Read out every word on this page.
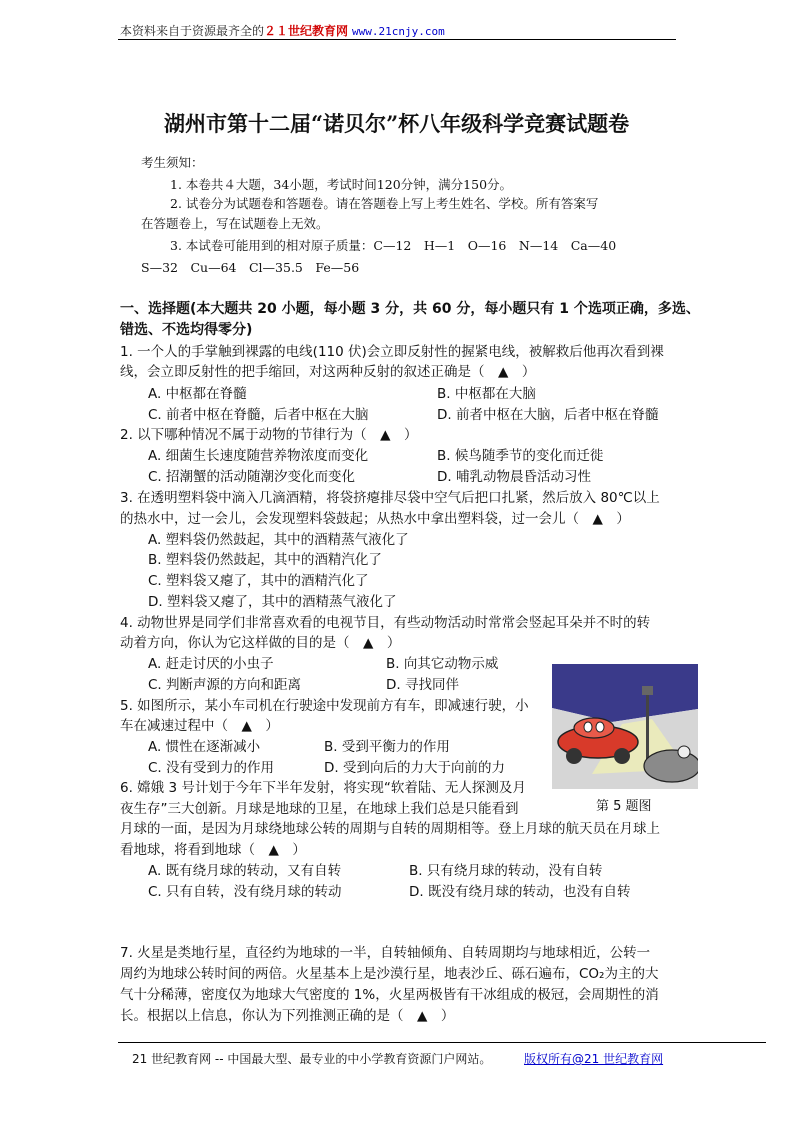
本资料来自于资源最齐全的２１世纪教育网 www.21cnjy.com
湖州市第十二届“诺贝尔”杯八年级科学竞赛试题卷
考生须知：
1. 本卷共４大题，34小题，考试时间120分钟，满分150分。
2. 试卷分为试题卷和答题卷。请在答题卷上写上考生姓名、学校。所有答案写
在答题卷上，写在试题卷上无效。
3. 本试卷可能用到的相对原子质量：C—12　H—1　O—16　N—14　Ca—40
S—32　Cu—64　Cl—35.5　Fe—56
一、选择题(本大题共 20 小题，每小题 3 分，共 60 分，每小题只有 1 个选项正确，多选、
错选、不选均得零分)
1. 一个人的手掌触到裸露的电线(110 伏)会立即反射性的握紧电线，被解救后他再次看到裸
线，会立即反射性的把手缩回，对这两种反射的叙述正确是（　▲　）
A. 中枢都在脊髓	B. 中枢都在大脑
C. 前者中枢在脊髓，后者中枢在大脑	D. 前者中枢在大脑，后者中枢在脊髓
2. 以下哪种情况不属于动物的节律行为（　▲　）
A. 细菌生长速度随营养物浓度而变化	B. 候鸟随季节的变化而迁徙
C. 招潮蟹的活动随潮汐变化而变化	D. 哺乳动物晨昏活动习性
3. 在透明塑料袋中滴入几滴酒精，将袋挤瘪排尽袋中空气后把口扎紧，然后放入 80℃以上
的热水中，过一会儿，会发现塑料袋鼓起；从热水中拿出塑料袋，过一会儿（　▲　）
A. 塑料袋仍然鼓起，其中的酒精蒸气液化了
B. 塑料袋仍然鼓起，其中的酒精汽化了
C. 塑料袋又瘪了，其中的酒精汽化了
D. 塑料袋又瘪了，其中的酒精蒸气液化了
4. 动物世界是同学们非常喜欢看的电视节目，有些动物活动时常常会竖起耳朵并不时的转
动着方向，你认为它这样做的目的是（　▲　）
A. 赶走讨厌的小虫子	B. 向其它动物示威
C. 判断声源的方向和距离	D. 寻找同伴
5. 如图所示，某小车司机在行驶途中发现前方有车，即减速行驶，小
车在减速过程中（　▲　）
A. 惯性在逐渐减小	B. 受到平衡力的作用
C. 没有受到力的作用	D. 受到向后的力大于向前的力
第 5 题图
6. 嫦娥 3 号计划于今年下半年发射，将实现“软着陆、无人探测及月
夜生存”三大创新。月球是地球的卫星，在地球上我们总是只能看到
月球的一面，是因为月球绕地球公转的周期与自转的周期相等。登上月球的航天员在月球上
看地球，将看到地球（　▲　）
A. 既有绕月球的转动，又有自转	B. 只有绕月球的转动，没有自转
C. 只有自转，没有绕月球的转动	D. 既没有绕月球的转动，也没有自转
7. 火星是类地行星，直径约为地球的一半，自转轴倾角、自转周期均与地球相近，公转一
周约为地球公转时间的两倍。火星基本上是沙漠行星，地表沙丘、砾石遍布，CO₂为主的大
气十分稀薄，密度仅为地球大气密度的 1%，火星两极皆有干冰组成的极冠，会周期性的消
长。根据以上信息，你认为下列推测正确的是（　▲　）
21 世纪教育网 -- 中国最大型、最专业的中小学教育资源门户网站。	版权所有@21 世纪教育网
